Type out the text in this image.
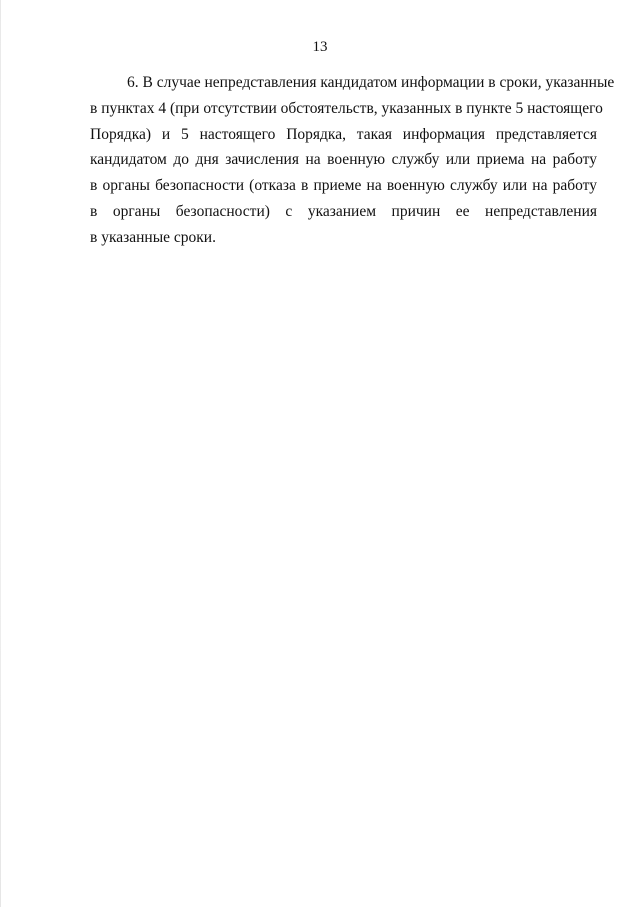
13
6. В случае непредставления кандидатом информации в сроки, указанные
в пунктах 4 (при отсутствии обстоятельств, указанных в пункте 5 настоящего
Порядка) и 5 настоящего Порядка, такая информация представляется
кандидатом до дня зачисления на военную службу или приема на работу
в органы безопасности (отказа в приеме на военную службу или на работу
в органы безопасности) с указанием причин ее непредставления
в указанные сроки.
